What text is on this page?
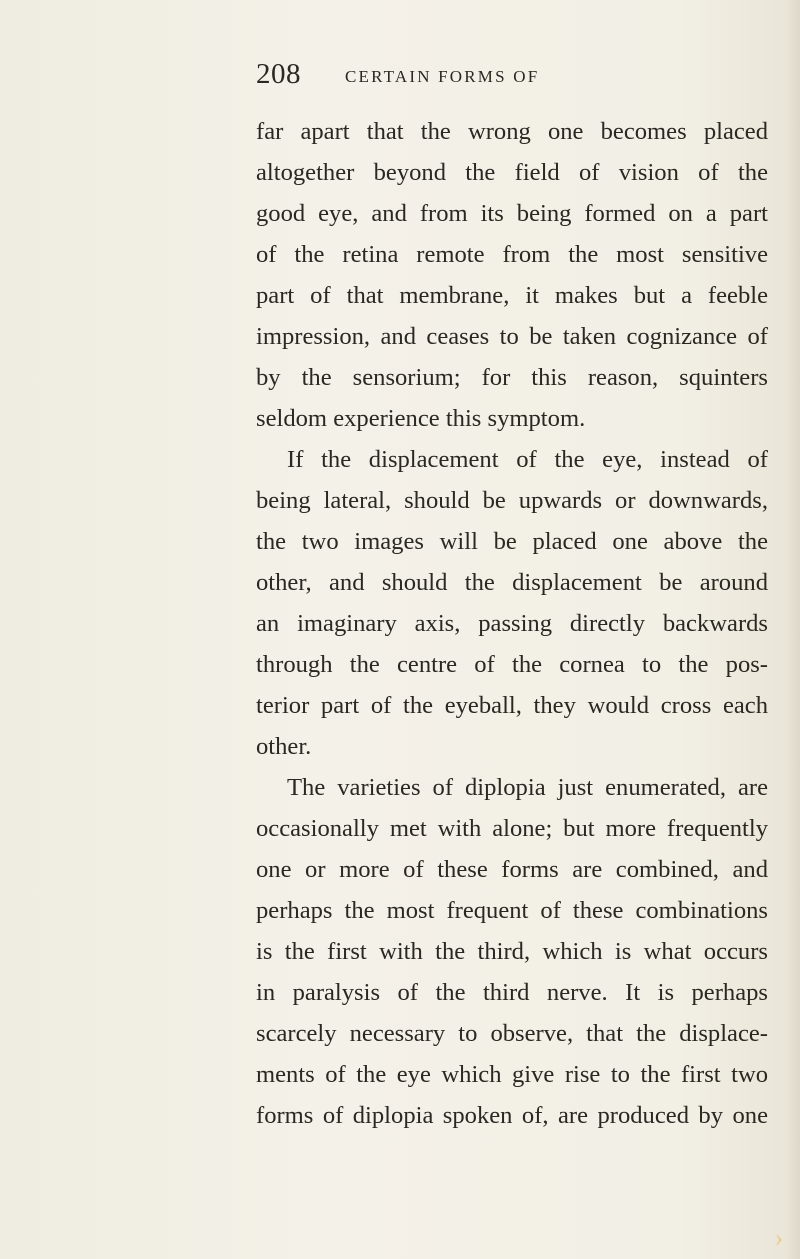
208	CERTAIN FORMS OF
far apart that the wrong one becomes placed
altogether beyond the field of vision of the
good eye, and from its being formed on a part
of the retina remote from the most sensitive
part of that membrane, it makes but a feeble
impression, and ceases to be taken cognizance of
by the sensorium; for this reason, squinters
seldom experience this symptom.
If the displacement of the eye, instead of
being lateral, should be upwards or downwards,
the two images will be placed one above the
other, and should the displacement be around
an imaginary axis, passing directly backwards
through the centre of the cornea to the pos-
terior part of the eyeball, they would cross each
other.
The varieties of diplopia just enumerated, are
occasionally met with alone; but more frequently
one or more of these forms are combined, and
perhaps the most frequent of these combinations
is the first with the third, which is what occurs
in paralysis of the third nerve. It is perhaps
scarcely necessary to observe, that the displace-
ments of the eye which give rise to the first two
forms of diplopia spoken of, are produced by one
›
